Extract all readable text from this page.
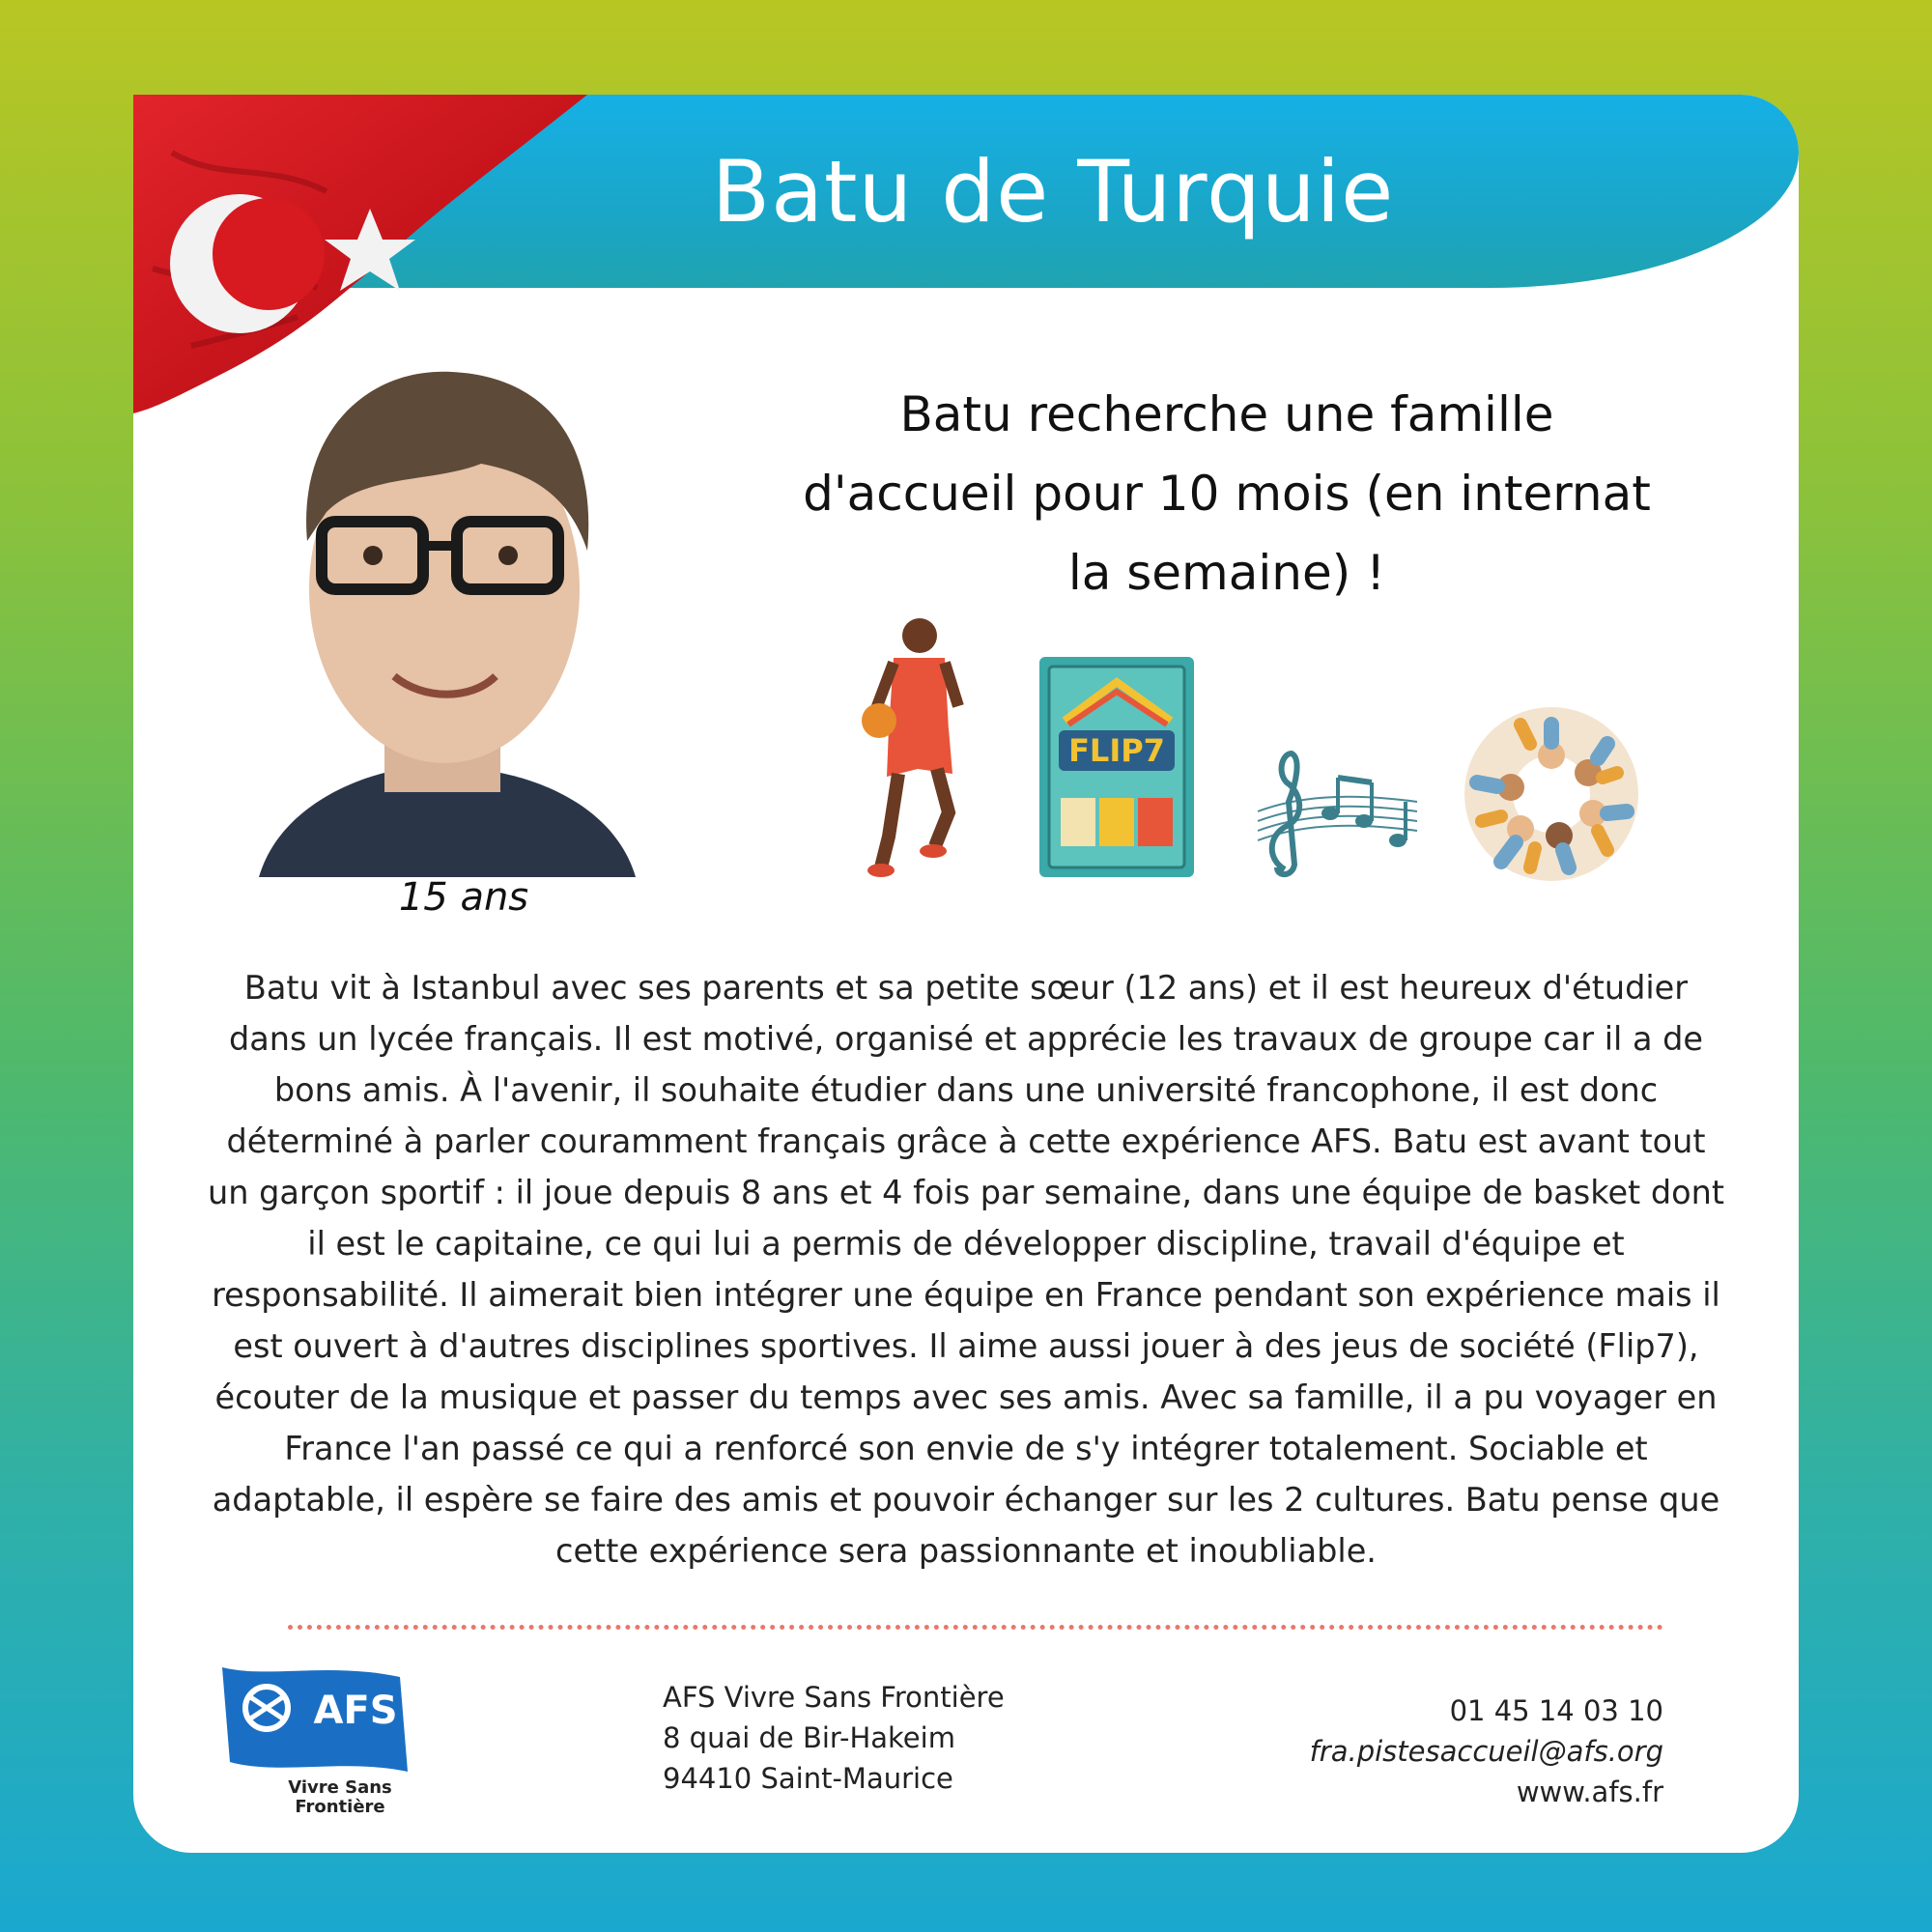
Batu de Turquie
15 ans
Batu recherche une famille d'accueil pour 10 mois (en internat la semaine) !
FLIP7
Batu vit à Istanbul avec ses parents et sa petite sœur (12 ans) et il est heureux d'étudier dans un lycée français. Il est motivé, organisé et apprécie les travaux de groupe car il a de bons amis. À l'avenir, il souhaite étudier dans une université francophone, il est donc déterminé à parler couramment français grâce à cette expérience AFS. Batu est avant tout un garçon sportif : il joue depuis 8 ans et 4 fois par semaine, dans une équipe de basket dont il est le capitaine, ce qui lui a permis de développer discipline, travail d'équipe et responsabilité. Il aimerait bien intégrer une équipe en France pendant son expérience mais il est ouvert à d'autres disciplines sportives. Il aime aussi jouer à des jeus de société (Flip7), écouter de la musique et passer du temps avec ses amis. Avec sa famille, il a pu voyager en France l'an passé ce qui a renforcé son envie de s'y intégrer totalement. Sociable et adaptable, il espère se faire des amis et pouvoir échanger sur les 2 cultures. Batu pense que cette expérience sera passionnante et inoubliable.
AFS
Vivre Sans
Frontière
AFS Vivre Sans Frontière
8 quai de Bir-Hakeim
94410 Saint-Maurice
01 45 14 03 10
fra.pistesaccueil@afs.org
www.afs.fr
